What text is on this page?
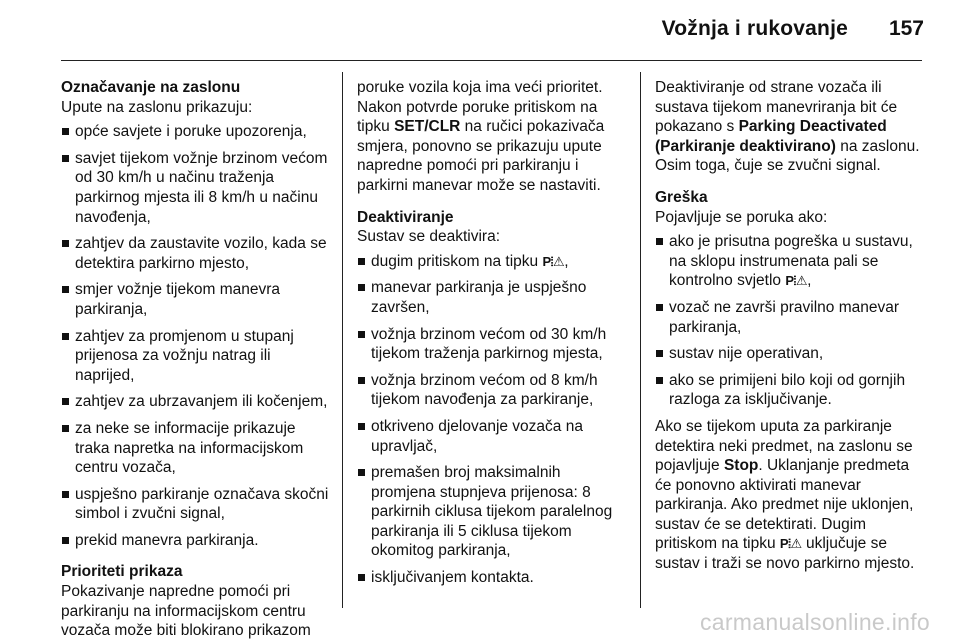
Vožnja i rukovanje 157
Označavanje na zaslonu

Upute na zaslonu prikazuju:

opće savjete i poruke upozorenja,
savjet tijekom vožnje brzinom većom od 30 km/h u načinu traženja parkirnog mjesta ili 8 km/h u načinu navođenja,
zahtjev da zaustavite vozilo, kada se detektira parkirno mjesto,
smjer vožnje tijekom manevra parkiranja,
zahtjev za promjenom u stupanj prijenosa za vožnju natrag ili naprijed,
zahtjev za ubrzavanjem ili kočenjem,
za neke se informacije prikazuje traka napretka na informacijskom centru vozača,
uspješno parkiranje označava skočni simbol i zvučni signal,
prekid manevra parkiranja.
Prioriteti prikaza

Pokazivanje napredne pomoći pri parkiranju na informacijskom centru vozača može biti blokirano prikazom

poruke vozila koja ima veći prioritet. Nakon potvrde poruke pritiskom na tipku SET/CLR na ručici pokazivača smjera, ponovno se prikazuju upute napredne pomoći pri parkiranju i parkirni manevar može se nastaviti.

Deaktiviranje

Sustav se deaktivira:

dugim pritiskom na tipku P⦙⚠,
manevar parkiranja je uspješno završen,
vožnja brzinom većom od 30 km/h tijekom traženja parkirnog mjesta,
vožnja brzinom većom od 8 km/h tijekom navođenja za parkiranje,
otkriveno djelovanje vozača na upravljač,
premašen broj maksimalnih promjena stupnjeva prijenosa: 8 parkirnih ciklusa tijekom paralelnog parkiranja ili 5 ciklusa tijekom okomitog parkiranja,
isključivanjem kontakta.

Deaktiviranje od strane vozača ili sustava tijekom manevriranja bit će pokazano s Parking Deactivated (Parkiranje deaktivirano) na zaslonu. Osim toga, čuje se zvučni signal.

Greška

Pojavljuje se poruka ako:

ako je prisutna pogreška u sustavu, na sklopu instrumenata pali se kontrolno svjetlo P⦙⚠,
vozač ne završi pravilno manevar parkiranja,
sustav nije operativan,
ako se primijeni bilo koji od gornjih razloga za isključivanje.

Ako se tijekom uputa za parkiranje detektira neki predmet, na zaslonu se pojavljuje Stop. Uklanjanje predmeta će ponovno aktivirati manevar parkiranja. Ako predmet nije uklonjen, sustav će se detektirati. Dugim pritiskom na tipku P⦙⚠ uključuje se sustav i traži se novo parkirno mjesto.

carmanualsonline.info
